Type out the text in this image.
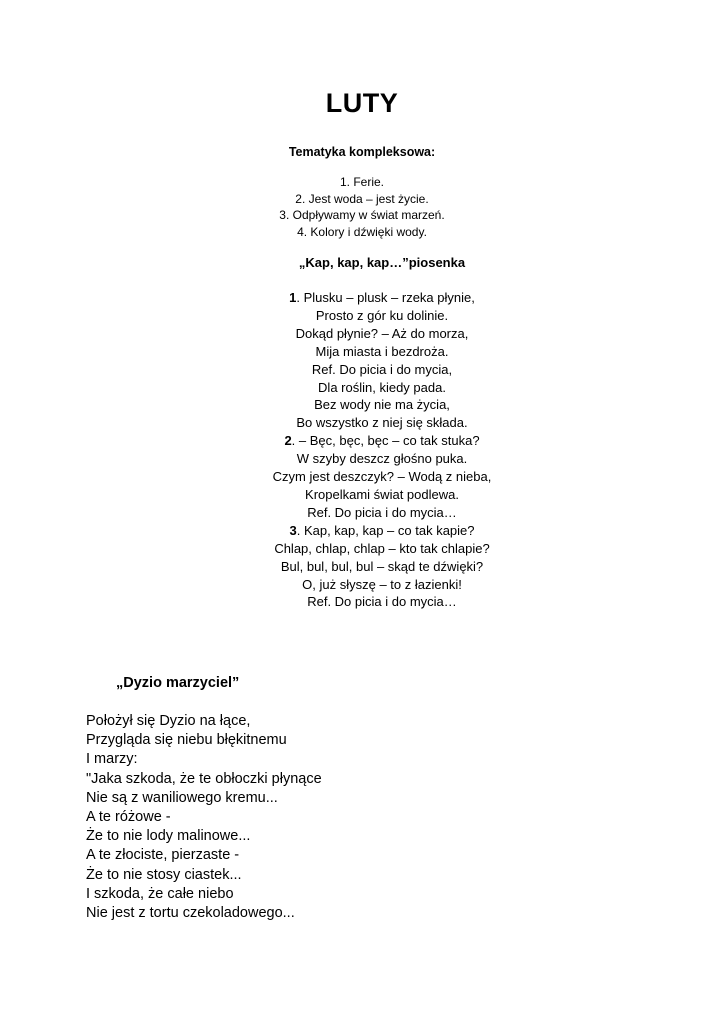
LUTY
Tematyka kompleksowa:
1. Ferie.
2. Jest woda – jest życie.
3. Odpływamy w świat marzeń.
4. Kolory i dźwięki wody.
„Kap, kap, kap…”piosenka
1. Plusku – plusk – rzeka płynie,
Prosto z gór ku dolinie.
Dokąd płynie? – Aż do morza,
Mija miasta i bezdroża.
Ref. Do picia i do mycia,
Dla roślin, kiedy pada.
Bez wody nie ma życia,
Bo wszystko z niej się składa.
2. – Bęc, bęc, bęc – co tak stuka?
W szyby deszcz głośno puka.
Czym jest deszczyk? – Wodą z nieba,
Kropelkami świat podlewa.
Ref. Do picia i do mycia…
3. Kap, kap, kap – co tak kapie?
Chlap, chlap, chlap – kto tak chlapie?
Bul, bul, bul, bul – skąd te dźwięki?
O, już słyszę – to z łazienki!
Ref. Do picia i do mycia…
„Dyzio marzyciel”
Położył się Dyzio na łące,
Przygląda się niebu błękitnemu
I marzy:
"Jaka szkoda, że te obłoczki płynące
Nie są z waniliowego kremu...
A te różowe -
Że to nie lody malinowe...
A te złociste, pierzaste -
Że to nie stosy ciastek...
I szkoda, że całe niebo
Nie jest z tortu czekoladowego...
